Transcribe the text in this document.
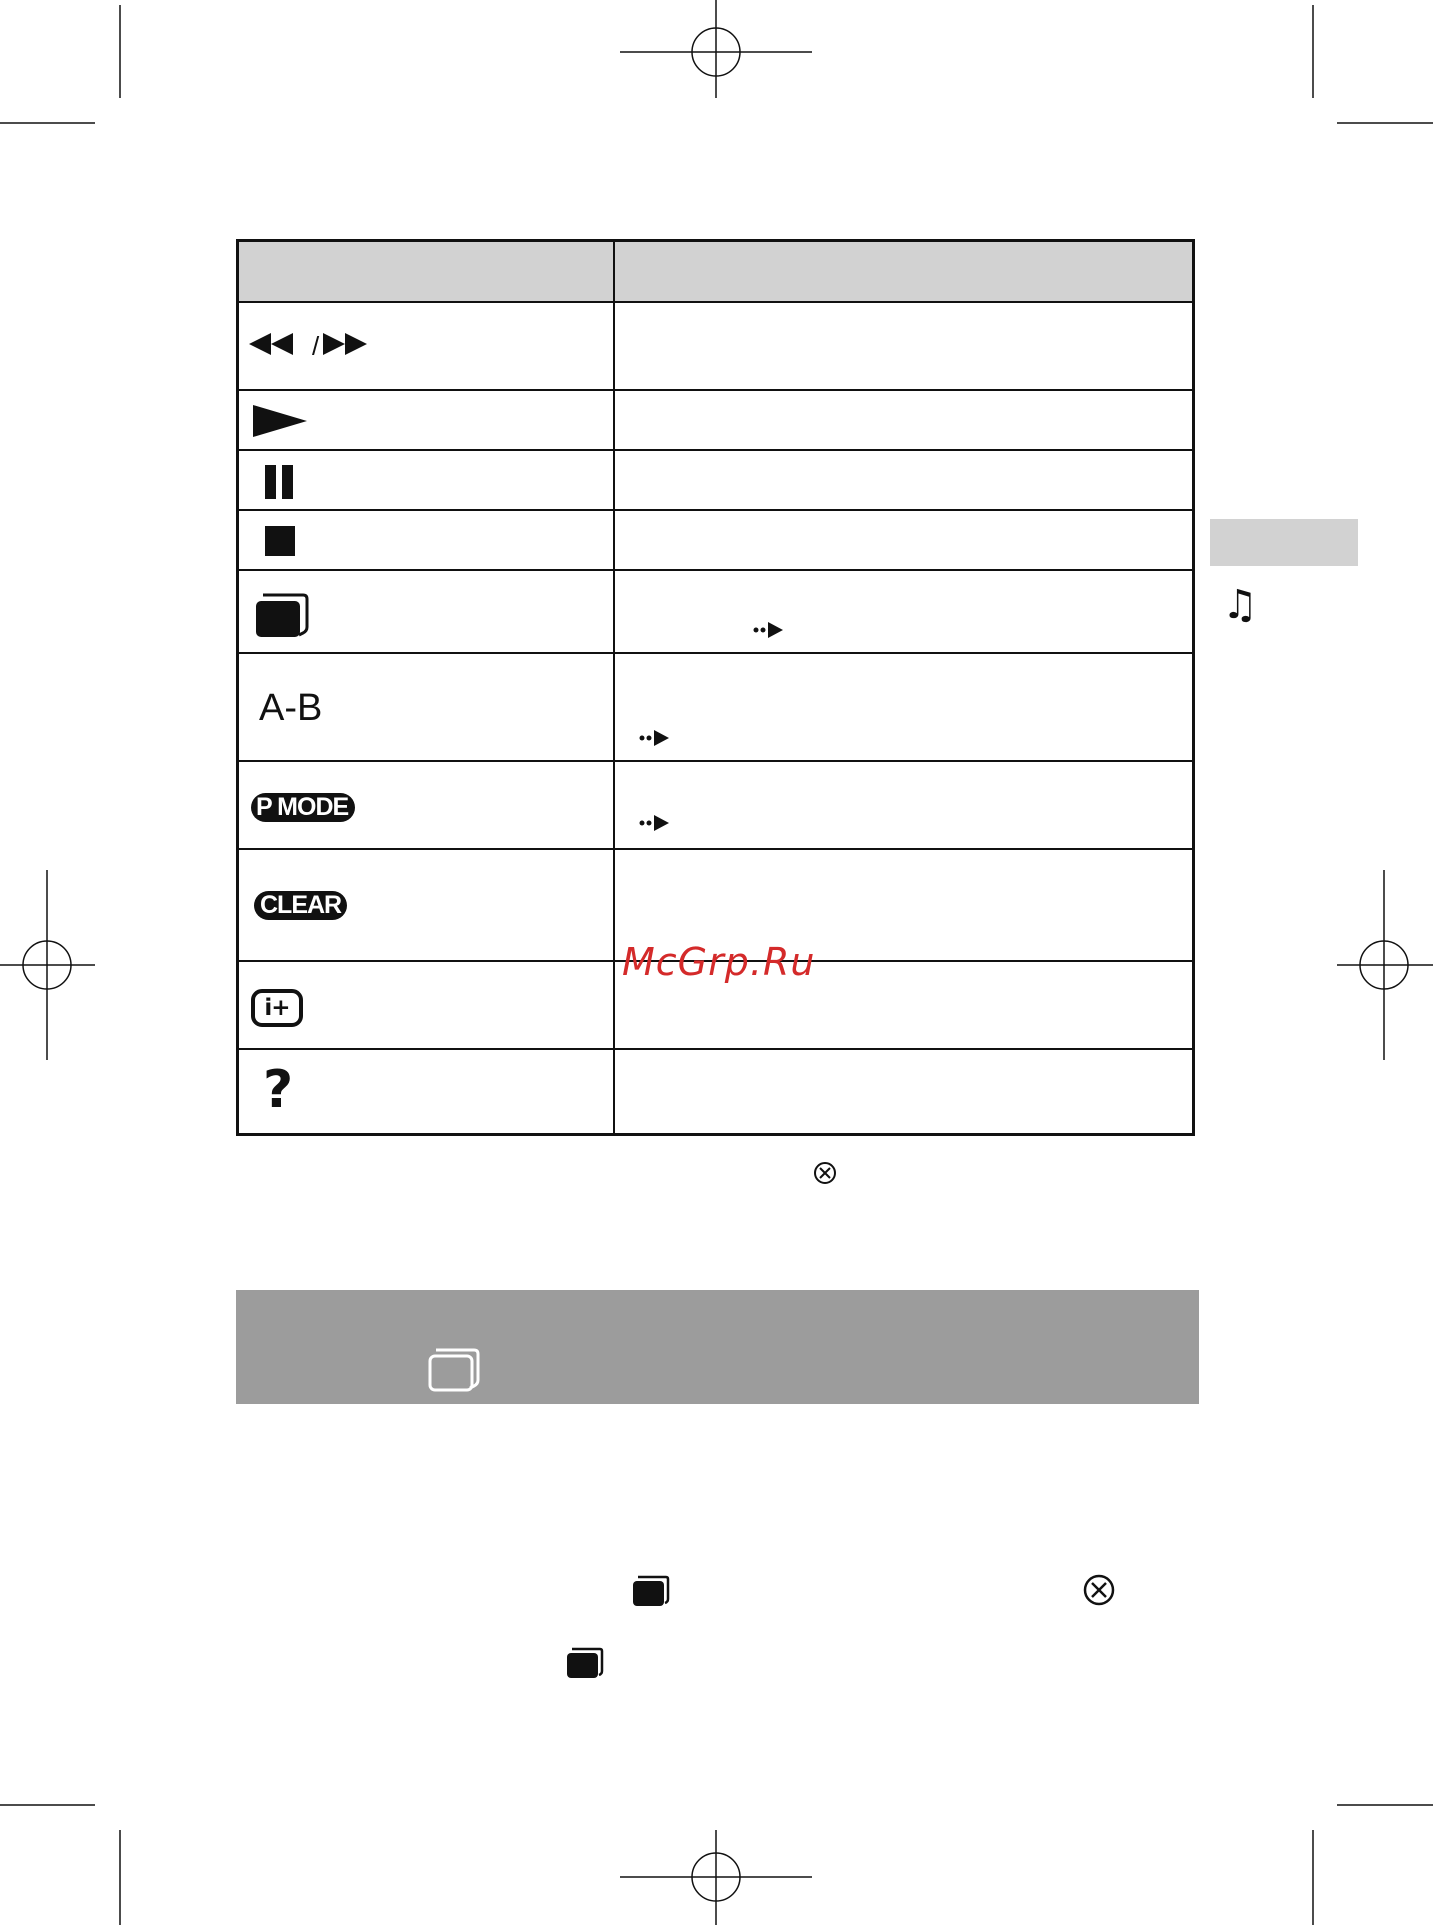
/
A-B
P MODE
CLEAR
i+
?
McGrp.Ru
♫
